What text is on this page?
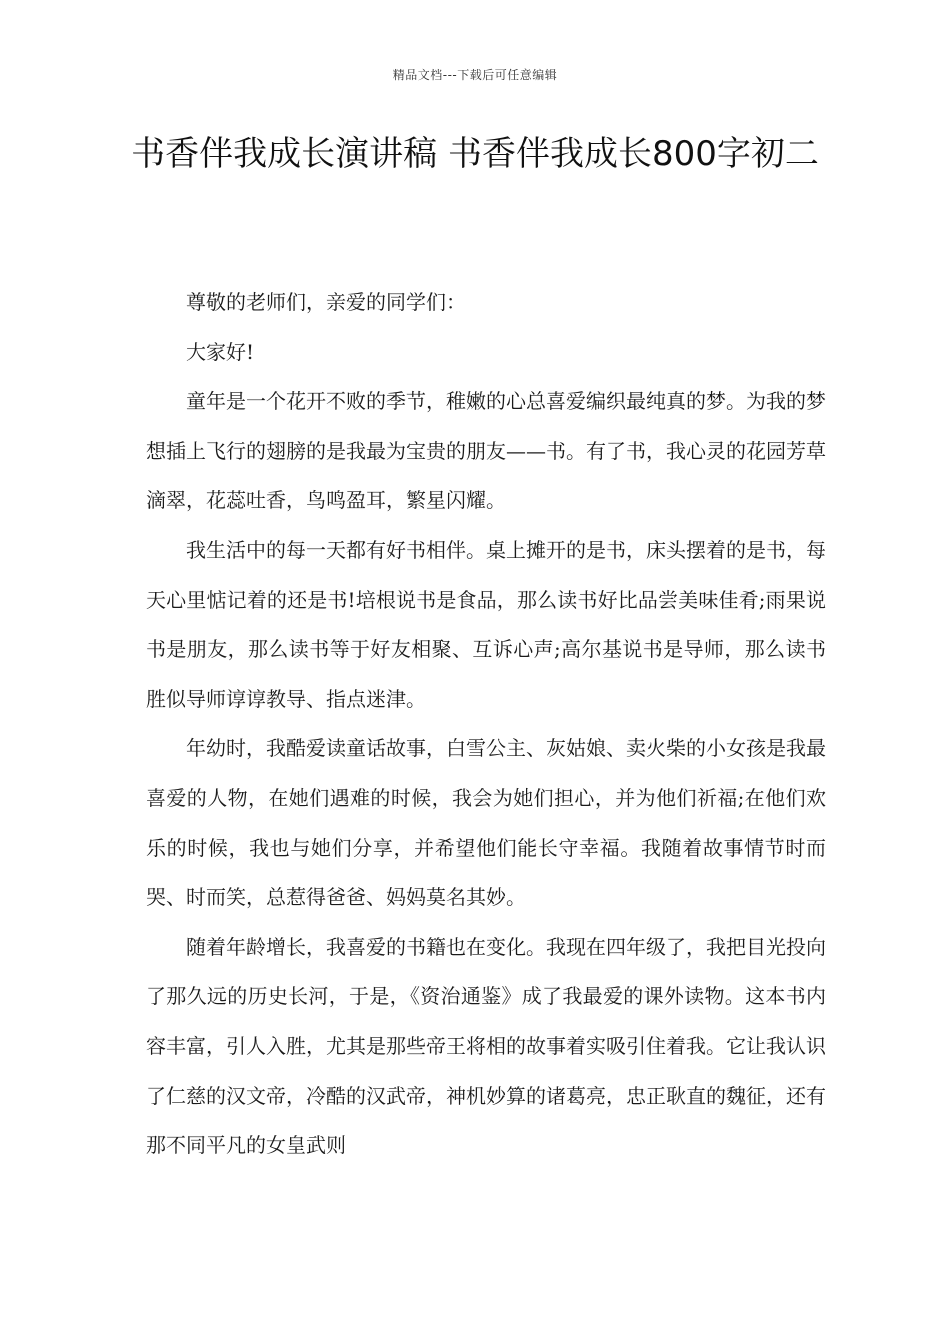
精品文档---下载后可任意编辑
书香伴我成长演讲稿 书香伴我成长800字初二

尊敬的老师们，亲爱的同学们：

大家好!

童年是一个花开不败的季节，稚嫩的心总喜爱编织最纯真的梦。为我的梦想插上飞行的翅膀的是我最为宝贵的朋友——书。有了书，我心灵的花园芳草滴翠，花蕊吐香，鸟鸣盈耳，繁星闪耀。

我生活中的每一天都有好书相伴。桌上摊开的是书，床头摆着的是书，每天心里惦记着的还是书!培根说书是食品，那么读书好比品尝美味佳肴;雨果说书是朋友，那么读书等于好友相聚、互诉心声;高尔基说书是导师，那么读书胜似导师谆谆教导、指点迷津。

年幼时，我酷爱读童话故事，白雪公主、灰姑娘、卖火柴的小女孩是我最喜爱的人物，在她们遇难的时候，我会为她们担心，并为他们祈福;在他们欢乐的时候，我也与她们分享，并希望他们能长守幸福。我随着故事情节时而哭、时而笑，总惹得爸爸、妈妈莫名其妙。

随着年龄增长，我喜爱的书籍也在变化。我现在四年级了，我把目光投向了那久远的历史长河，于是，《资治通鉴》成了我最爱的课外读物。这本书内容丰富，引人入胜，尤其是那些帝王将相的故事着实吸引住着我。它让我认识了仁慈的汉文帝，冷酷的汉武帝，神机妙算的诸葛亮，忠正耿直的魏征，还有那不同平凡的女皇武则
